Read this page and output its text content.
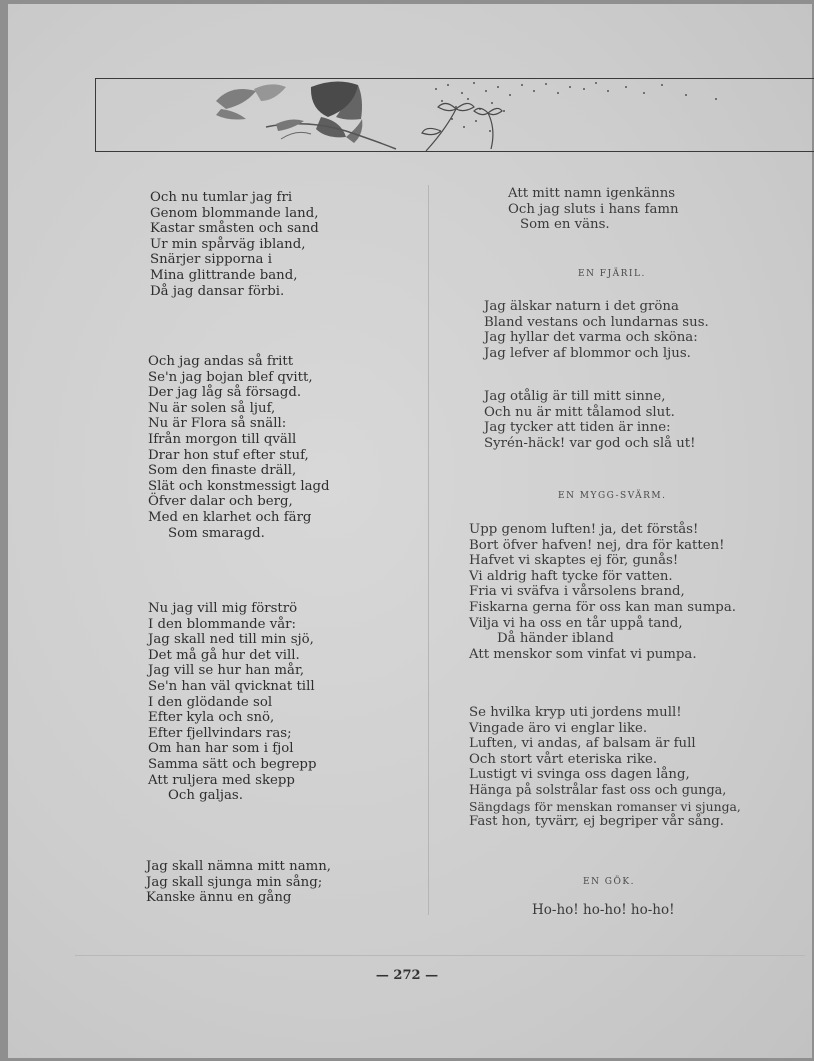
Och nu tumlar jag fri
Genom blommande land,
Kastar småsten och sand
Ur min spårväg ibland,
Snärjer sipporna i
Mina glittrande band,
Då jag dansar förbi.
Och jag andas så fritt
Se'n jag bojan blef qvitt,
Der jag låg så försagd.
Nu är solen så ljuf,
Nu är Flora så snäll:
Ifrån morgon till qväll
Drar hon stuf efter stuf,
Som den finaste dräll,
Slät och konstmessigt lagd
Öfver dalar och berg,
Med en klarhet och färg
Som smaragd.
Nu jag vill mig förströ
I den blommande vår:
Jag skall ned till min sjö,
Det må gå hur det vill.
Jag vill se hur han mår,
Se'n han väl qvicknat till
I den glödande sol
Efter kyla och snö,
Efter fjellvindars ras;
Om han har som i fjol
Samma sätt och begrepp
Att ruljera med skepp
Och galjas.
Jag skall nämna mitt namn,
Jag skall sjunga min sång;
Kanske ännu en gång
Att mitt namn igenkänns
Och jag sluts i hans famn
Som en väns.
EN FJÄRIL.
Jag älskar naturn i det gröna
Bland vestans och lundarnas sus.
Jag hyllar det varma och sköna:
Jag lefver af blommor och ljus.
Jag otålig är till mitt sinne,
Och nu är mitt tålamod slut.
Jag tycker att tiden är inne:
Syrén-häck! var god och slå ut!
EN MYGG-SVÄRM.
Upp genom luften! ja, det förstås!
Bort öfver hafven! nej, dra för katten!
Hafvet vi skaptes ej för, gunås!
Vi aldrig haft tycke för vatten.
Fria vi sväfva i vårsolens brand,
Fiskarna gerna för oss kan man sumpa.
Vilja vi ha oss en tår uppå tand,
Då händer ibland
Att menskor som vinfat vi pumpa.
Se hvilka kryp uti jordens mull!
Vingade äro vi englar like.
Luften, vi andas, af balsam är full
Och stort vårt eteriska rike.
Lustigt vi svinga oss dagen lång,
Hänga på solstrålar fast oss och gunga,
Sängdags för menskan romanser vi sjunga,
Fast hon, tyvärr, ej begriper vår sång.
EN GÖK.
Ho-ho! ho-ho! ho-ho!
— 272 —
